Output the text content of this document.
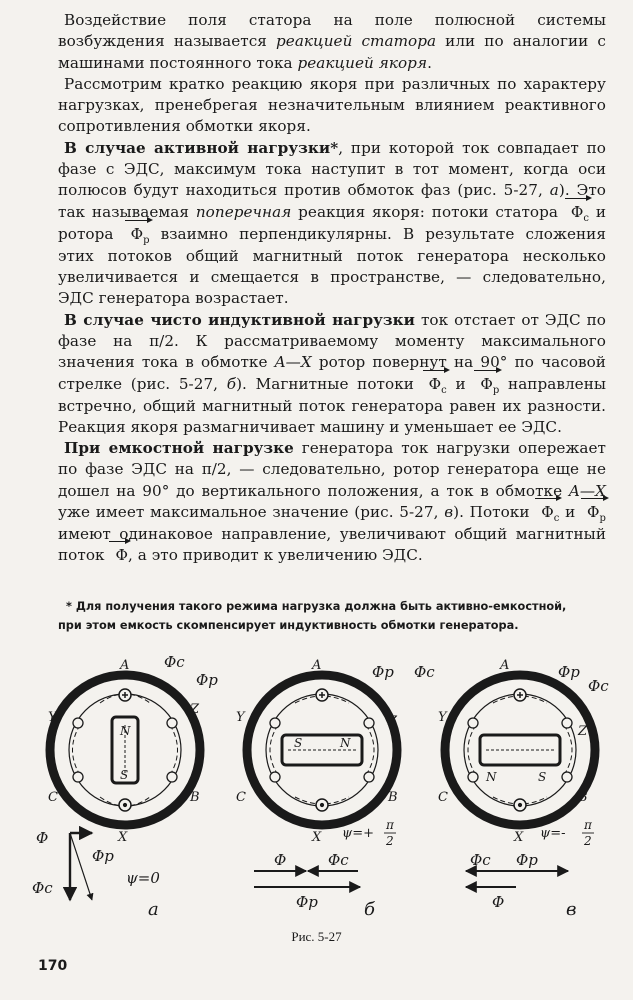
Воздействие поля статора на поле полюсной системы возбуждения называется реакцией статора или по аналогии с машинами постоянного тока реакцией якоря.

Рассмотрим кратко реакцию якоря при различных по характеру нагрузках, пренебрегая незначительным влиянием реактивного сопротивления обмотки якоря.

В случае активной нагрузки*, при которой ток совпадает по фазе с ЭДС, максимум тока наступит в тот момент, когда оси полюсов будут находиться против обмоток фаз (рис. 5-27, а). Это так называемая поперечная реакция якоря: потоки статора $\Phi_с$ и ротора $\Phi_р$ взаимно перпендикулярны. В результате сложения этих потоков общий магнитный поток генератора несколько увеличивается и смещается в пространстве, — следовательно, ЭДС генератора возрастает.

В случае чисто индуктивной нагрузки ток отстает от ЭДС по фазе на π/2. К рассматриваемому моменту максимального значения тока в обмотке A—X ротор повернут на 90° по часовой стрелке (рис. 5-27, б). Магнитные потоки $\Phi_с$ и $\Phi_р$ направлены встречно, общий магнитный поток генератора равен их разности. Реакция якоря размагничивает машину и уменьшает ее ЭДС.

При емкостной нагрузке генератора ток нагрузки опережает по фазе ЭДС на π/2, — следовательно, ротор генератора еще не дошел на 90° до вертикального положения, а ток в обмотке A—X уже имеет максимальное значение (рис. 5-27, в). Потоки $\Phi_с$ и $\Phi_р$ имеют одинаковое направление, увеличивают общий магнитный поток Φ, а это приводит к увеличению ЭДС.

* Для получения такого режима нагрузка должна быть активно-емкостной,
при этом емкость скомпенсирует индуктивность обмотки генератора.
N
S
A
X
Y
Z
C	B
Φc
Φp
Φ
Φp
Φc
ψ=0
а
S	N
A
X
Y	Z
C	B
Φp Φc
Φ	Φc
Φp
ψ=+
π
2
б
N	S
A
X
Y
Z
C	B
Φp
Φc
Φc Φp
Φ
ψ=-
π
2
в
Рис. 5-27
170
